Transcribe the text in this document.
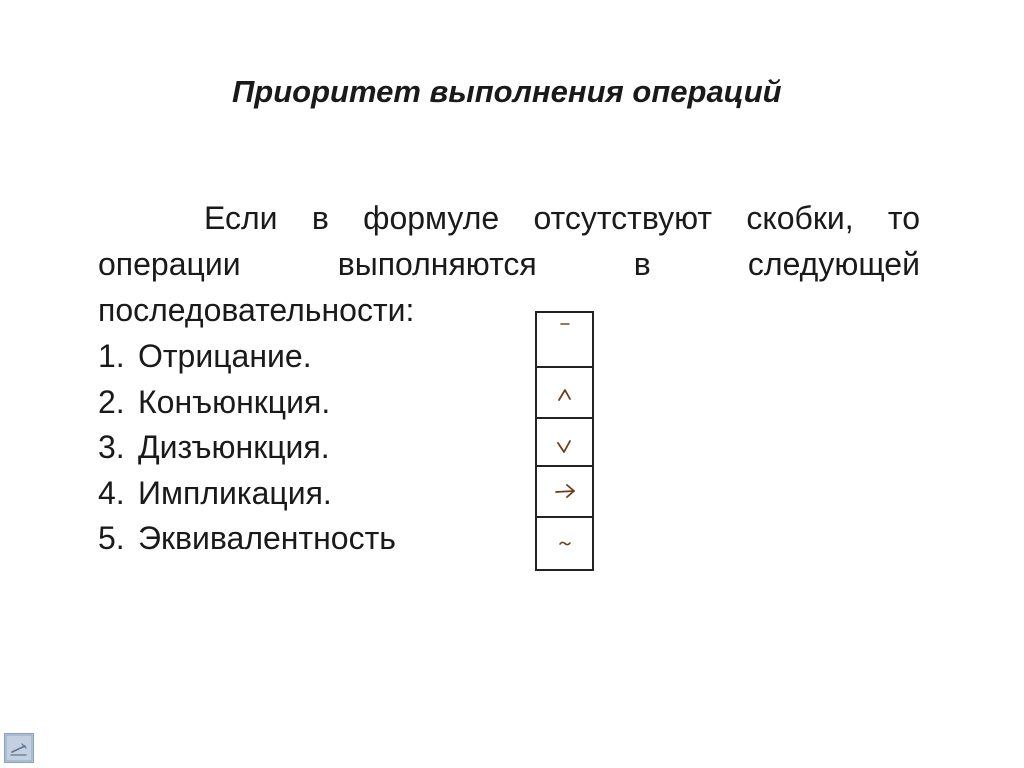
Приоритет выполнения операций
Если в формуле отсутствуют скобки, то
операции	выполняются	в	следующей
последовательности:
1. Отрицание.
2. Конъюнкция.
3. Дизъюнкция.
4. Импликация.
5. Эквивалентность
